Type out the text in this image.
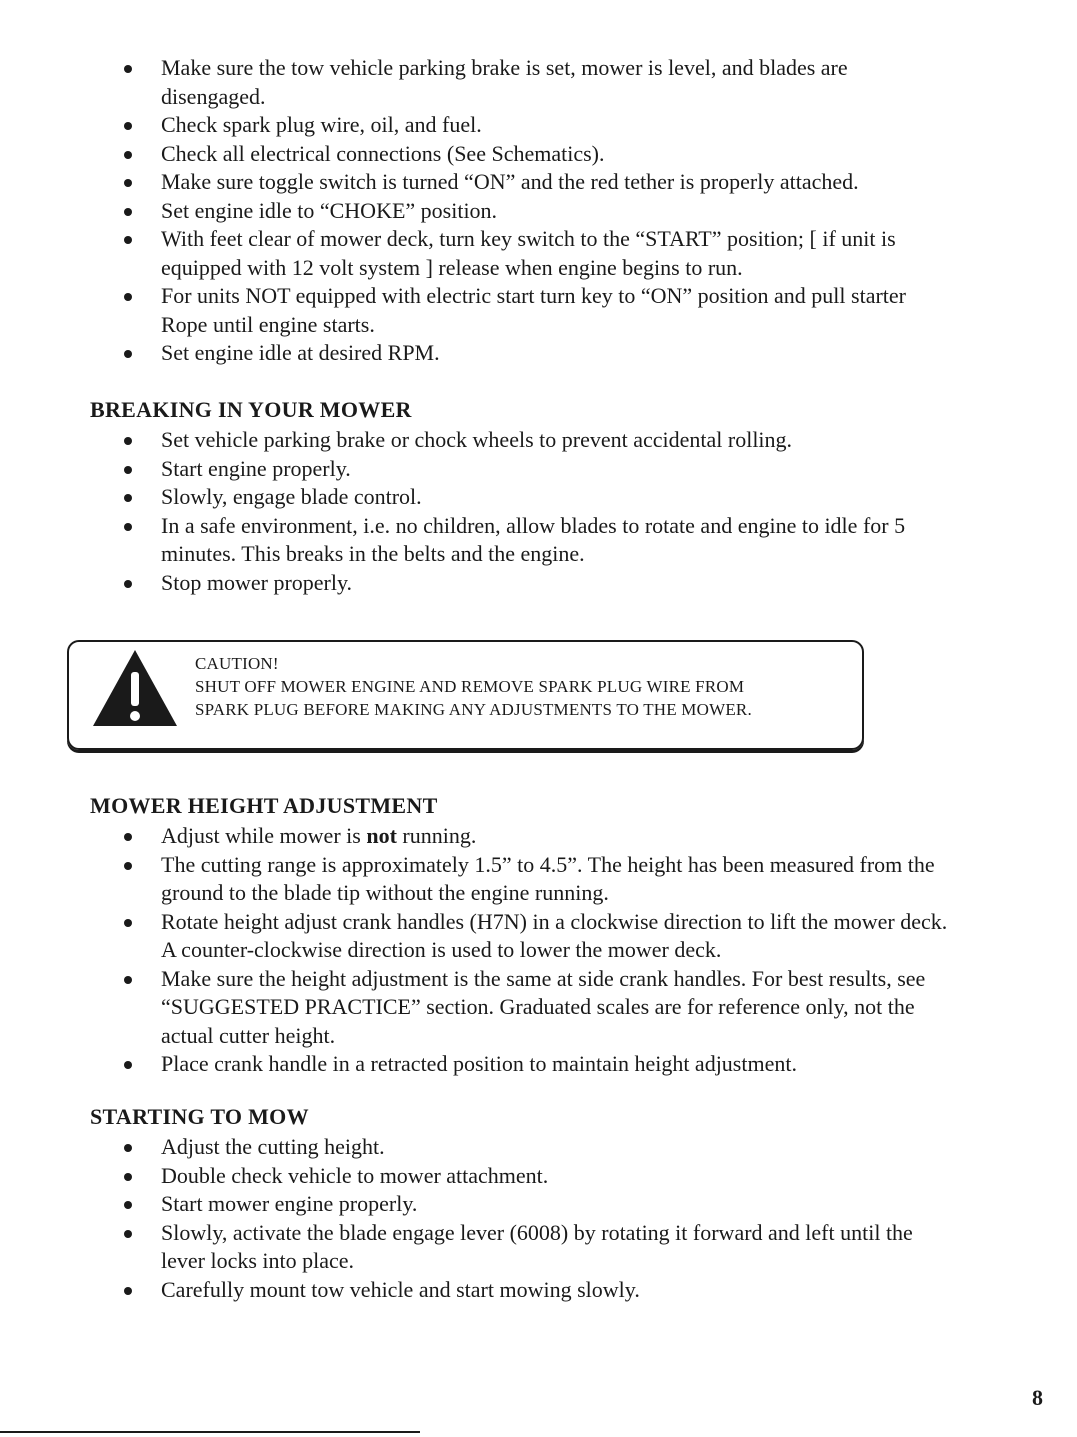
Make sure the tow vehicle parking brake is set, mower is level, and blades are
disengaged.
Check spark plug wire, oil, and fuel.
Check all electrical connections (See Schematics).
Make sure toggle switch is turned “ON” and the red tether is properly attached.
Set engine idle to “CHOKE” position.
With feet clear of mower deck, turn key switch to the “START” position; [ if unit is
equipped with 12 volt system ] release when engine begins to run.
For units NOT equipped with electric start turn key to “ON” position and pull starter
Rope until engine starts.
Set engine idle at desired RPM.
BREAKING IN YOUR MOWER
Set vehicle parking brake or chock wheels to prevent accidental rolling.
Start engine properly.
Slowly, engage blade control.
In a safe environment, i.e. no children, allow blades to rotate and engine to idle for 5
minutes. This breaks in the belts and the engine.
Stop mower properly.
CAUTION!
SHUT OFF MOWER ENGINE AND REMOVE SPARK PLUG WIRE FROM
SPARK PLUG BEFORE MAKING ANY ADJUSTMENTS TO THE MOWER.
MOWER HEIGHT ADJUSTMENT
Adjust while mower is not running.
The cutting range is approximately 1.5” to 4.5”. The height has been measured from the
ground to the blade tip without the engine running.
Rotate height adjust crank handles (H7N) in a clockwise direction to lift the mower deck.
A counter-clockwise direction is used to lower the mower deck.
Make sure the height adjustment is the same at side crank handles. For best results, see
“SUGGESTED PRACTICE” section. Graduated scales are for reference only, not the
actual cutter height.
Place crank handle in a retracted position to maintain height adjustment.
STARTING TO MOW
Adjust the cutting height.
Double check vehicle to mower attachment.
Start mower engine properly.
Slowly, activate the blade engage lever (6008) by rotating it forward and left until the
lever locks into place.
Carefully mount tow vehicle and start mowing slowly.
8
